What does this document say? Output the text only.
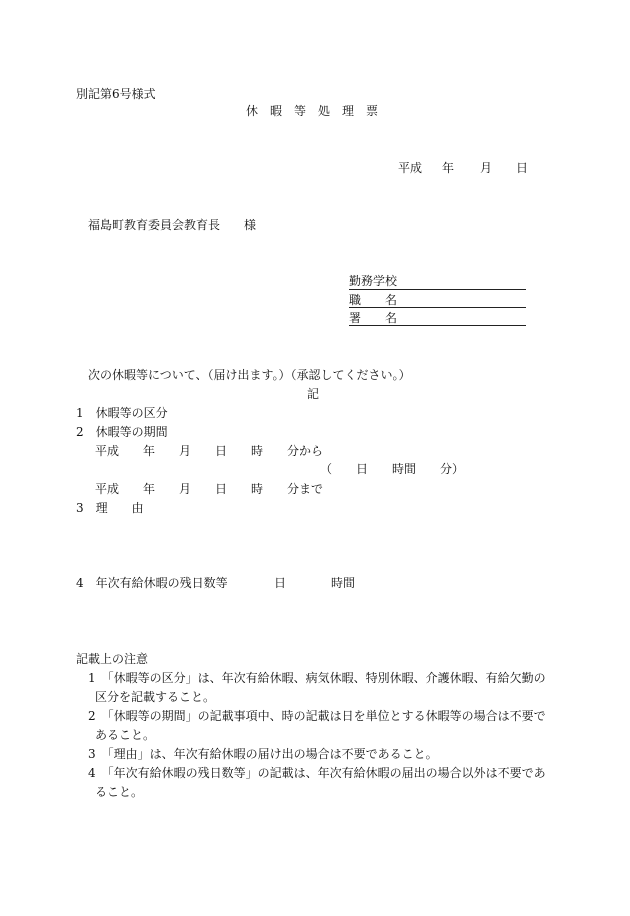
別記第6号様式
休　暇　等　処　理　票
平成 年 月 日
福島町教育委員会教育長　　様
勤務学校
職　　名
署　　名
次の休暇等について、（届け出ます。）（承認してください。）
記
1　休暇等の区分
2　休暇等の期間
平成　　年　　月　　日　　時　　分から
（　　日　　時間　　分）
平成　　年　　月　　日　　時　　分まで
3　理　　由
4　年次有給休暇の残日数等	日	時間
記載上の注意
1　「休暇等の区分」は、年次有給休暇、病気休暇、特別休暇、介護休暇、有給欠勤の
区分を記載すること。
2　「休暇等の期間」の記載事項中、時の記載は日を単位とする休暇等の場合は不要で
あること。
3　「理由」は、年次有給休暇の届け出の場合は不要であること。
4　「年次有給休暇の残日数等」の記載は、年次有給休暇の届出の場合以外は不要であ
ること。
